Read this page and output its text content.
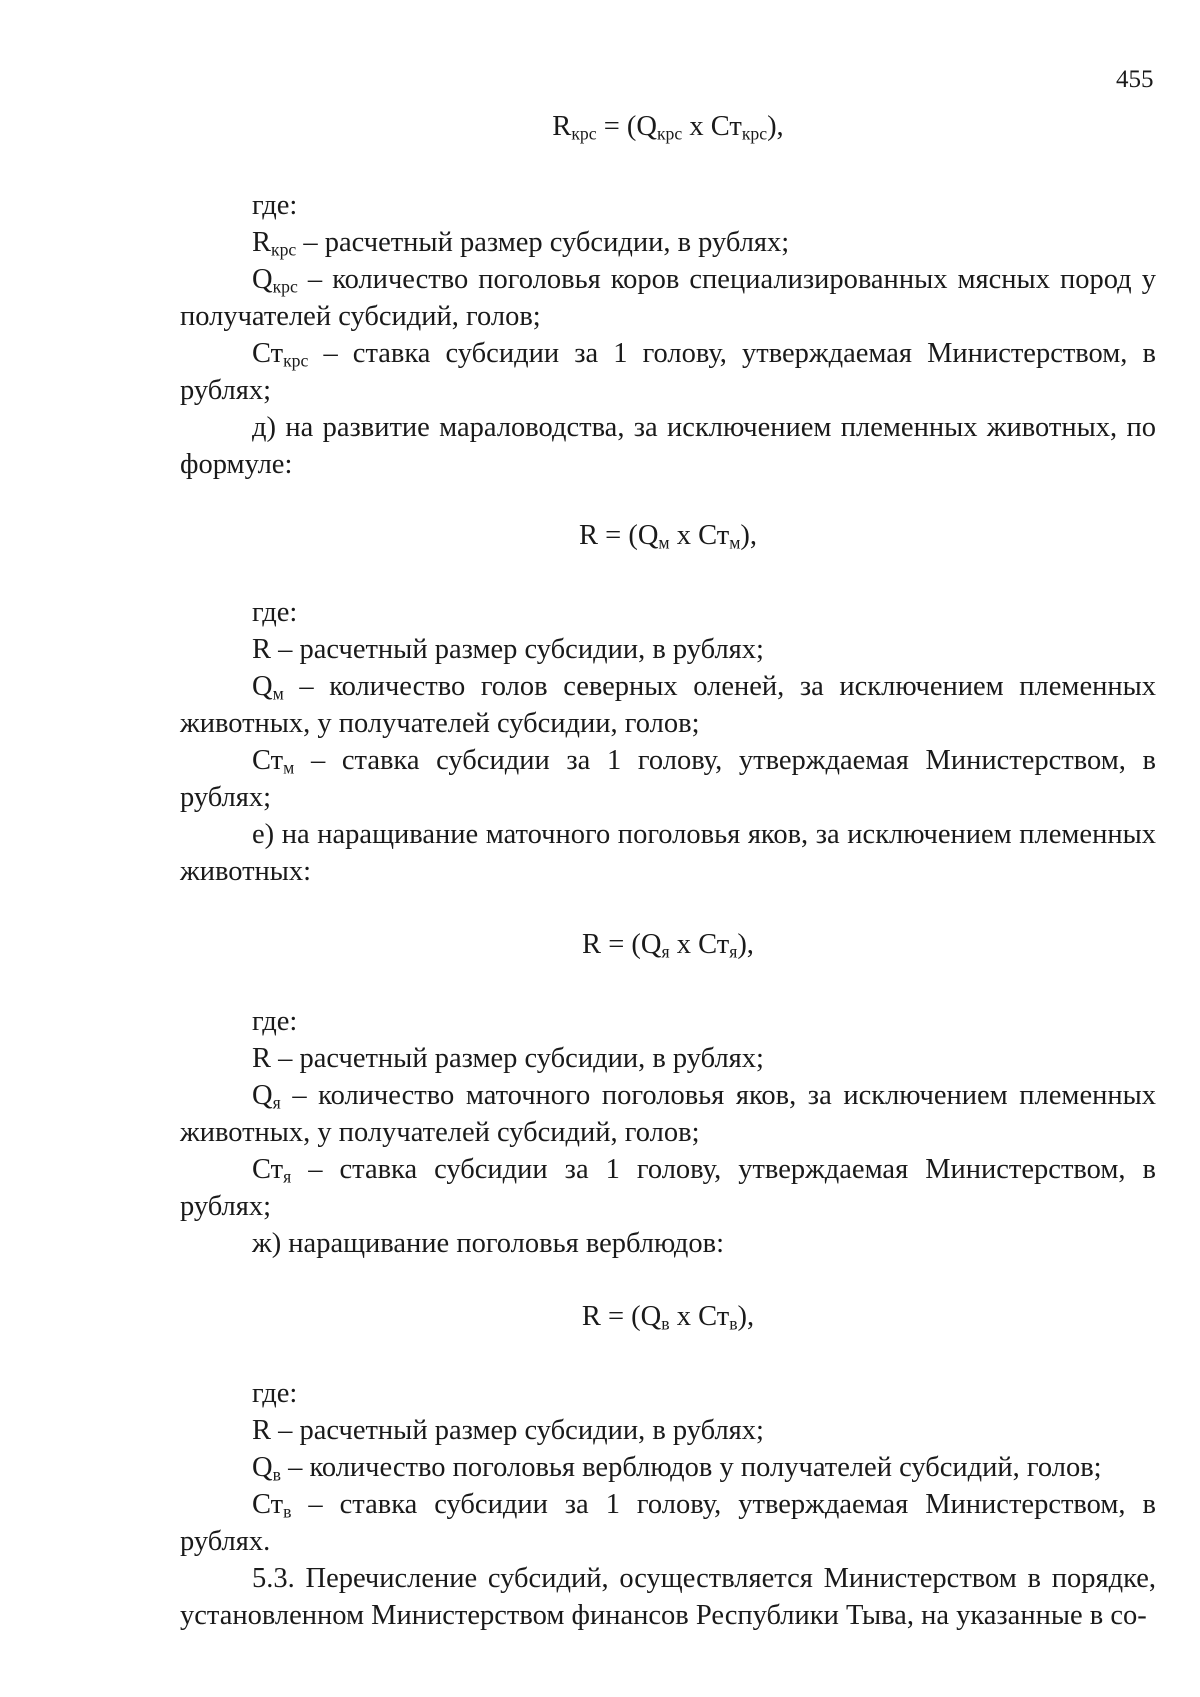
455
$R_{крс} = (Q_{крс}$ x $Ст_{крс}$),

где:

$R_{крс}$ – расчетный размер субсидии, в рублях;

$Q_{крс}$ – количество поголовья коров специализированных мясных пород у получателей субсидий, голов;

$Ст_{крс}$ – ставка субсидии за 1 голову, утверждаемая Министерством, в рублях;

д) на развитие мараловодства, за исключением племенных животных, по формуле:

$R = (Q_м$ x $Ст_м$),

где:

R – расчетный размер субсидии, в рублях;

$Q_м$ – количество голов северных оленей, за исключением племенных животных, у получателей субсидии, голов;

$Ст_м$ – ставка субсидии за 1 голову, утверждаемая Министерством, в рублях;

е) на наращивание маточного поголовья яков, за исключением племенных животных:

$R = (Q_я$ x $Ст_я$),

где:

R – расчетный размер субсидии, в рублях;

$Q_я$ – количество маточного поголовья яков, за исключением племенных животных, у получателей субсидий, голов;

$Ст_я$ – ставка субсидии за 1 голову, утверждаемая Министерством, в рублях;

ж) наращивание поголовья верблюдов:

$R = (Q_в$ x $Ст_в$),

где:

R – расчетный размер субсидии, в рублях;

$Q_в$ – количество поголовья верблюдов у получателей субсидий, голов;

$Ст_в$ – ставка субсидии за 1 голову, утверждаемая Министерством, в рублях.

5.3. Перечисление субсидий, осуществляется Министерством в порядке, установленном Министерством финансов Республики Тыва, на указанные в со-
